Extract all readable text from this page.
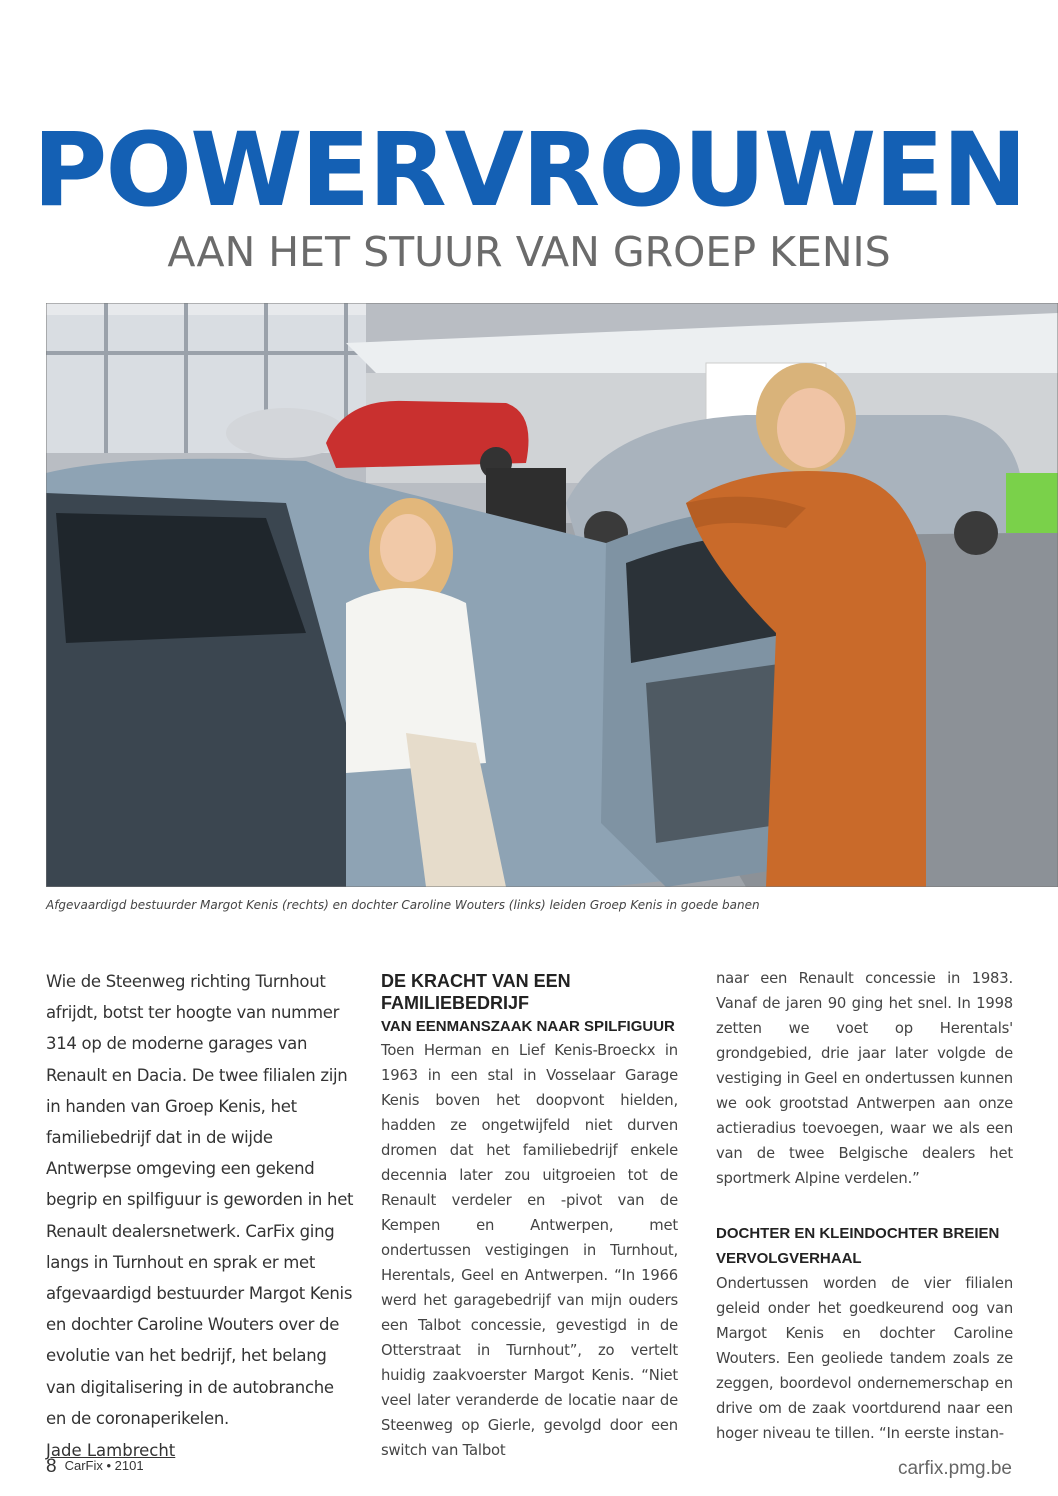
POWERVROUWEN
AAN HET STUUR VAN GROEP KENIS
Afgevaardigd bestuurder Margot Kenis (rechts) en dochter Caroline Wouters (links) leiden Groep Kenis in goede banen

Wie de Steenweg richting Turnhout afrijdt, botst ter hoogte van nummer 314 op de moderne garages van Renault en Dacia. De twee filialen zijn in handen van Groep Kenis, het familiebedrijf dat in de wijde Antwerpse omgeving een gekend begrip en spilfiguur is geworden in het Renault dealersnetwerk. CarFix ging langs in Turnhout en sprak er met afgevaardigd bestuurder Margot Kenis en dochter Caroline Wouters over de evolutie van het bedrijf, het belang van digitalisering in de autobranche en de coronaperikelen.

Jade Lambrecht
DE KRACHT VAN EEN FAMILIEBEDRIJF
VAN EENMANSZAAK NAAR SPILFIGUUR

Toen Herman en Lief Kenis-Broeckx in 1963 in een stal in Vosselaar Garage Kenis boven het doopvont hielden, hadden ze ongetwijfeld niet durven dromen dat het familiebedrijf enkele decennia later zou uitgroeien tot de Renault verdeler en -pivot van de Kempen en Antwerpen, met ondertussen vestigingen in Turnhout, Herentals, Geel en Antwerpen. “In 1966 werd het garagebedrijf van mijn ouders een Talbot concessie, gevestigd in de Otterstraat in Turnhout”, zo vertelt huidig zaakvoerster Margot Kenis. “Niet veel later veranderde de locatie naar de Steenweg op Gierle, gevolgd door een switch van Talbot

naar een Renault concessie in 1983. Vanaf de jaren 90 ging het snel. In 1998 zetten we voet op Herentals' grondgebied, drie jaar later volgde de vestiging in Geel en ondertussen kunnen we ook grootstad Antwerpen aan onze actieradius toevoegen, waar we als een van de twee Belgische dealers het sportmerk Alpine verdelen.”

DOCHTER EN KLEINDOCHTER BREIEN VERVOLGVERHAAL

Ondertussen worden de vier filialen geleid onder het goedkeurend oog van Margot Kenis en dochter Caroline Wouters. Een geoliede tandem zoals ze zeggen, boordevol ondernemerschap en drive om de zaak voortdurend naar een hoger niveau te tillen. “In eerste instan-

8 CarFix • 2101	carfix.pmg.be
